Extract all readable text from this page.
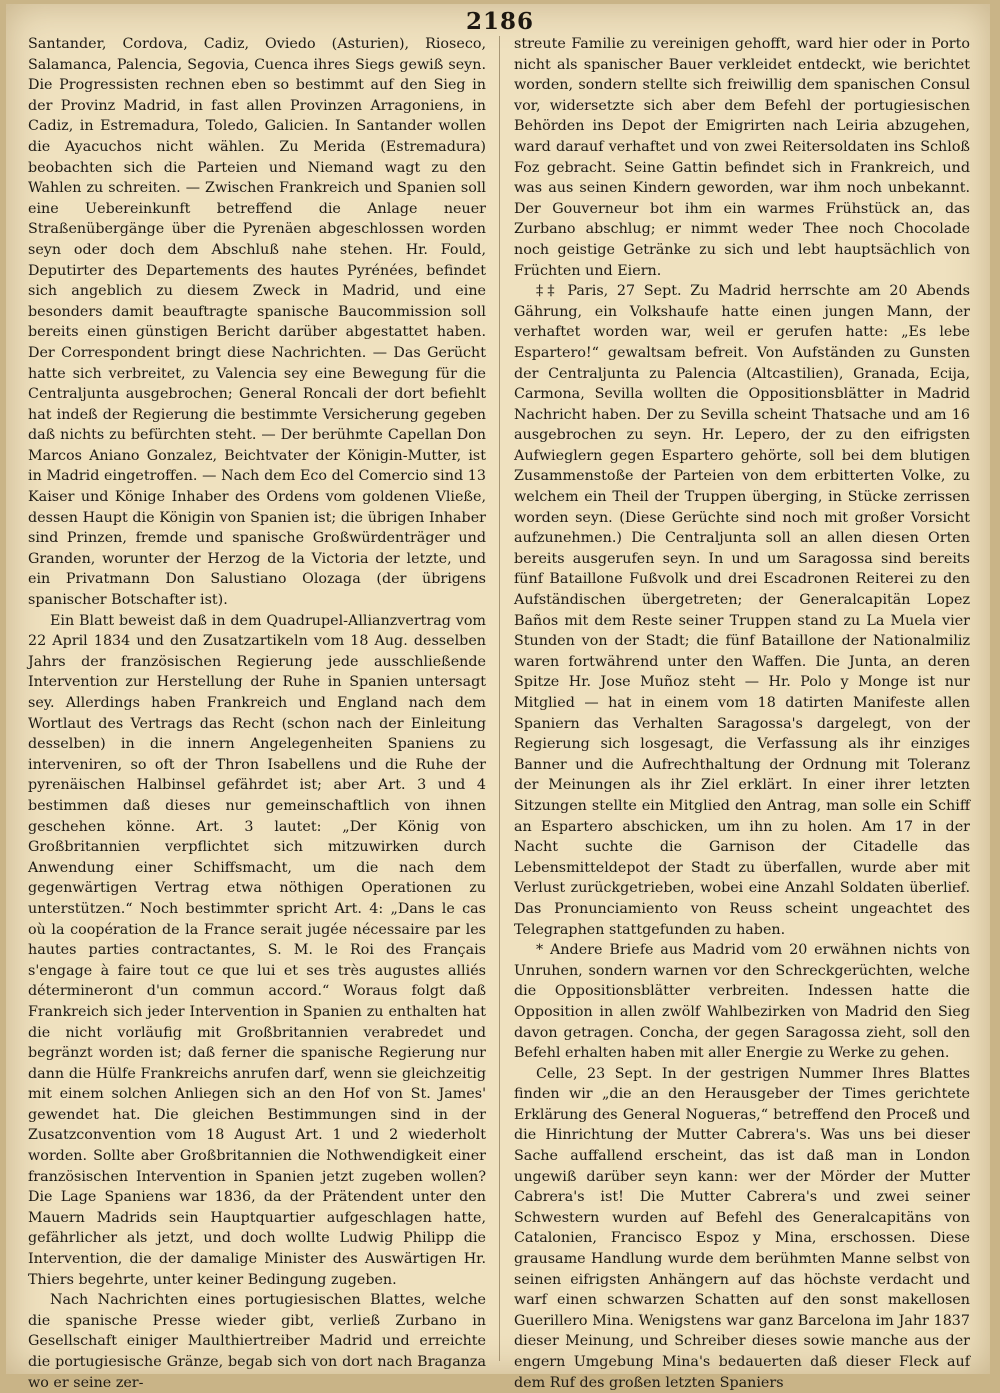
2186

Santander, Cordova, Cadiz, Oviedo (Asturien), Rioseco, Salamanca, Palencia, Segovia, Cuenca ihres Siegs gewiß seyn. Die Progressisten rechnen eben so bestimmt auf den Sieg in der Provinz Madrid, in fast allen Provinzen Arragoniens, in Cadiz, in Estremadura, Toledo, Galicien. In Santander wollen die Ayacuchos nicht wählen. Zu Merida (Estremadura) beobachten sich die Parteien und Niemand wagt zu den Wahlen zu schreiten. — Zwischen Frankreich und Spanien soll eine Uebereinkunft betreffend die Anlage neuer Straßenübergänge über die Pyrenäen abgeschlossen worden seyn oder doch dem Abschluß nahe stehen. Hr. Fould, Deputirter des Departements des hautes Pyrénées, befindet sich angeblich zu diesem Zweck in Madrid, und eine besonders damit beauftragte spanische Baucommission soll bereits einen günstigen Bericht darüber abgestattet haben. Der Correspondent bringt diese Nachrichten. — Das Gerücht hatte sich verbreitet, zu Valencia sey eine Bewegung für die Centraljunta ausgebrochen; General Roncali der dort befiehlt hat indeß der Regierung die bestimmte Versicherung gegeben daß nichts zu befürchten steht. — Der berühmte Capellan Don Marcos Aniano Gonzalez, Beichtvater der Königin-Mutter, ist in Madrid eingetroffen. — Nach dem Eco del Comercio sind 13 Kaiser und Könige Inhaber des Ordens vom goldenen Vließe, dessen Haupt die Königin von Spanien ist; die übrigen Inhaber sind Prinzen, fremde und spanische Großwürdenträger und Granden, worunter der Herzog de la Victoria der letzte, und ein Privatmann Don Salustiano Olozaga (der übrigens spanischer Botschafter ist).

Ein Blatt beweist daß in dem Quadrupel-Allianzvertrag vom 22 April 1834 und den Zusatzartikeln vom 18 Aug. desselben Jahrs der französischen Regierung jede ausschließende Intervention zur Herstellung der Ruhe in Spanien untersagt sey. Allerdings haben Frankreich und England nach dem Wortlaut des Vertrags das Recht (schon nach der Einleitung desselben) in die innern Angelegenheiten Spaniens zu interveniren, so oft der Thron Isabellens und die Ruhe der pyrenäischen Halbinsel gefährdet ist; aber Art. 3 und 4 bestimmen daß dieses nur gemeinschaftlich von ihnen geschehen könne. Art. 3 lautet: „Der König von Großbritannien verpflichtet sich mitzuwirken durch Anwendung einer Schiffsmacht, um die nach dem gegenwärtigen Vertrag etwa nöthigen Operationen zu unterstützen.“ Noch bestimmter spricht Art. 4: „Dans le cas où la coopération de la France serait jugée nécessaire par les hautes parties contractantes, S. M. le Roi des Français s'engage à faire tout ce que lui et ses très augustes alliés détermineront d'un commun accord.“ Woraus folgt daß Frankreich sich jeder Intervention in Spanien zu enthalten hat die nicht vorläufig mit Großbritannien verabredet und begränzt worden ist; daß ferner die spanische Regierung nur dann die Hülfe Frankreichs anrufen darf, wenn sie gleichzeitig mit einem solchen Anliegen sich an den Hof von St. James' gewendet hat. Die gleichen Bestimmungen sind in der Zusatzconvention vom 18 August Art. 1 und 2 wiederholt worden. Sollte aber Großbritannien die Nothwendigkeit einer französischen Intervention in Spanien jetzt zugeben wollen? Die Lage Spaniens war 1836, da der Prätendent unter den Mauern Madrids sein Hauptquartier aufgeschlagen hatte, gefährlicher als jetzt, und doch wollte Ludwig Philipp die Intervention, die der damalige Minister des Auswärtigen Hr. Thiers begehrte, unter keiner Bedingung zugeben.

Nach Nachrichten eines portugiesischen Blattes, welche die spanische Presse wieder gibt, verließ Zurbano in Gesellschaft einiger Maulthiertreiber Madrid und erreichte die portugiesische Gränze, begab sich von dort nach Braganza wo er seine zer-

streute Familie zu vereinigen gehofft, ward hier oder in Porto nicht als spanischer Bauer verkleidet entdeckt, wie berichtet worden, sondern stellte sich freiwillig dem spanischen Consul vor, widersetzte sich aber dem Befehl der portugiesischen Behörden ins Depot der Emigrirten nach Leiria abzugehen, ward darauf verhaftet und von zwei Reitersoldaten ins Schloß Foz gebracht. Seine Gattin befindet sich in Frankreich, und was aus seinen Kindern geworden, war ihm noch unbekannt. Der Gouverneur bot ihm ein warmes Frühstück an, das Zurbano abschlug; er nimmt weder Thee noch Chocolade noch geistige Getränke zu sich und lebt hauptsächlich von Früchten und Eiern.

‡‡ Paris, 27 Sept. Zu Madrid herrschte am 20 Abends Gährung, ein Volkshaufe hatte einen jungen Mann, der verhaftet worden war, weil er gerufen hatte: „Es lebe Espartero!“ gewaltsam befreit. Von Aufständen zu Gunsten der Centraljunta zu Palencia (Altcastilien), Granada, Ecija, Carmona, Sevilla wollten die Oppositionsblätter in Madrid Nachricht haben. Der zu Sevilla scheint Thatsache und am 16 ausgebrochen zu seyn. Hr. Lepero, der zu den eifrigsten Aufwieglern gegen Espartero gehörte, soll bei dem blutigen Zusammenstoße der Parteien von dem erbitterten Volke, zu welchem ein Theil der Truppen überging, in Stücke zerrissen worden seyn. (Diese Gerüchte sind noch mit großer Vorsicht aufzunehmen.) Die Centraljunta soll an allen diesen Orten bereits ausgerufen seyn. In und um Saragossa sind bereits fünf Bataillone Fußvolk und drei Escadronen Reiterei zu den Aufständischen übergetreten; der Generalcapitän Lopez Baños mit dem Reste seiner Truppen stand zu La Muela vier Stunden von der Stadt; die fünf Bataillone der Nationalmiliz waren fortwährend unter den Waffen. Die Junta, an deren Spitze Hr. Jose Muñoz steht — Hr. Polo y Monge ist nur Mitglied — hat in einem vom 18 datirten Manifeste allen Spaniern das Verhalten Saragossa's dargelegt, von der Regierung sich losgesagt, die Verfassung als ihr einziges Banner und die Aufrechthaltung der Ordnung mit Toleranz der Meinungen als ihr Ziel erklärt. In einer ihrer letzten Sitzungen stellte ein Mitglied den Antrag, man solle ein Schiff an Espartero abschicken, um ihn zu holen. Am 17 in der Nacht suchte die Garnison der Citadelle das Lebensmitteldepot der Stadt zu überfallen, wurde aber mit Verlust zurückgetrieben, wobei eine Anzahl Soldaten überlief. Das Pronunciamiento von Reuss scheint ungeachtet des Telegraphen stattgefunden zu haben.

* Andere Briefe aus Madrid vom 20 erwähnen nichts von Unruhen, sondern warnen vor den Schreckgerüchten, welche die Oppositionsblätter verbreiten. Indessen hatte die Opposition in allen zwölf Wahlbezirken von Madrid den Sieg davon getragen. Concha, der gegen Saragossa zieht, soll den Befehl erhalten haben mit aller Energie zu Werke zu gehen.

Celle, 23 Sept. In der gestrigen Nummer Ihres Blattes finden wir „die an den Herausgeber der Times gerichtete Erklärung des General Nogueras,“ betreffend den Proceß und die Hinrichtung der Mutter Cabrera's. Was uns bei dieser Sache auffallend erscheint, das ist daß man in London ungewiß darüber seyn kann: wer der Mörder der Mutter Cabrera's ist! Die Mutter Cabrera's und zwei seiner Schwestern wurden auf Befehl des Generalcapitäns von Catalonien, Francisco Espoz y Mina, erschossen. Diese grausame Handlung wurde dem berühmten Manne selbst von seinen eifrigsten Anhängern auf das höchste verdacht und warf einen schwarzen Schatten auf den sonst makellosen Guerillero Mina. Wenigstens war ganz Barcelona im Jahr 1837 dieser Meinung, und Schreiber dieses sowie manche aus der engern Umgebung Mina's bedauerten daß dieser Fleck auf dem Ruf des großen letzten Spaniers
